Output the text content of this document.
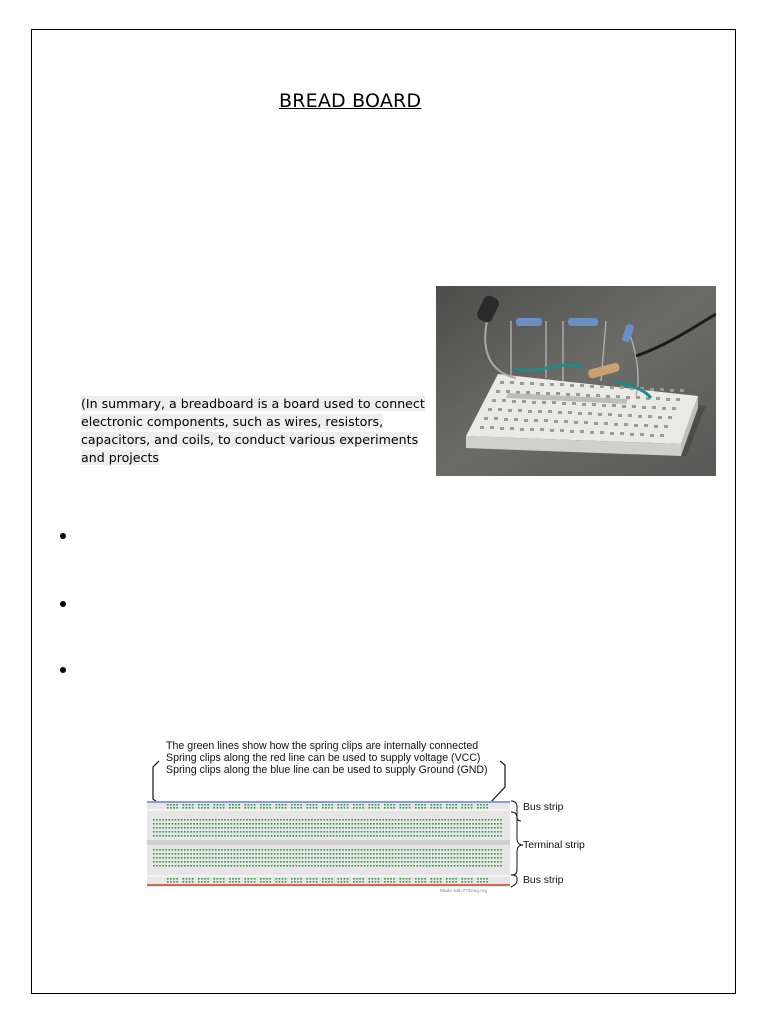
BREAD BOARD
(In summary, a breadboard is a board used to connect electronic components, such as wires, resistors, capacitors, and coils, to conduct various experiments and projects
The green lines show how the spring clips are internally connected
Spring clips along the red line can be used to supply voltage (VCC)
Spring clips along the blue line can be used to supply Ground (GND)
Bus strip
Terminal strip
Bus strip
Made with Fritzing.org
